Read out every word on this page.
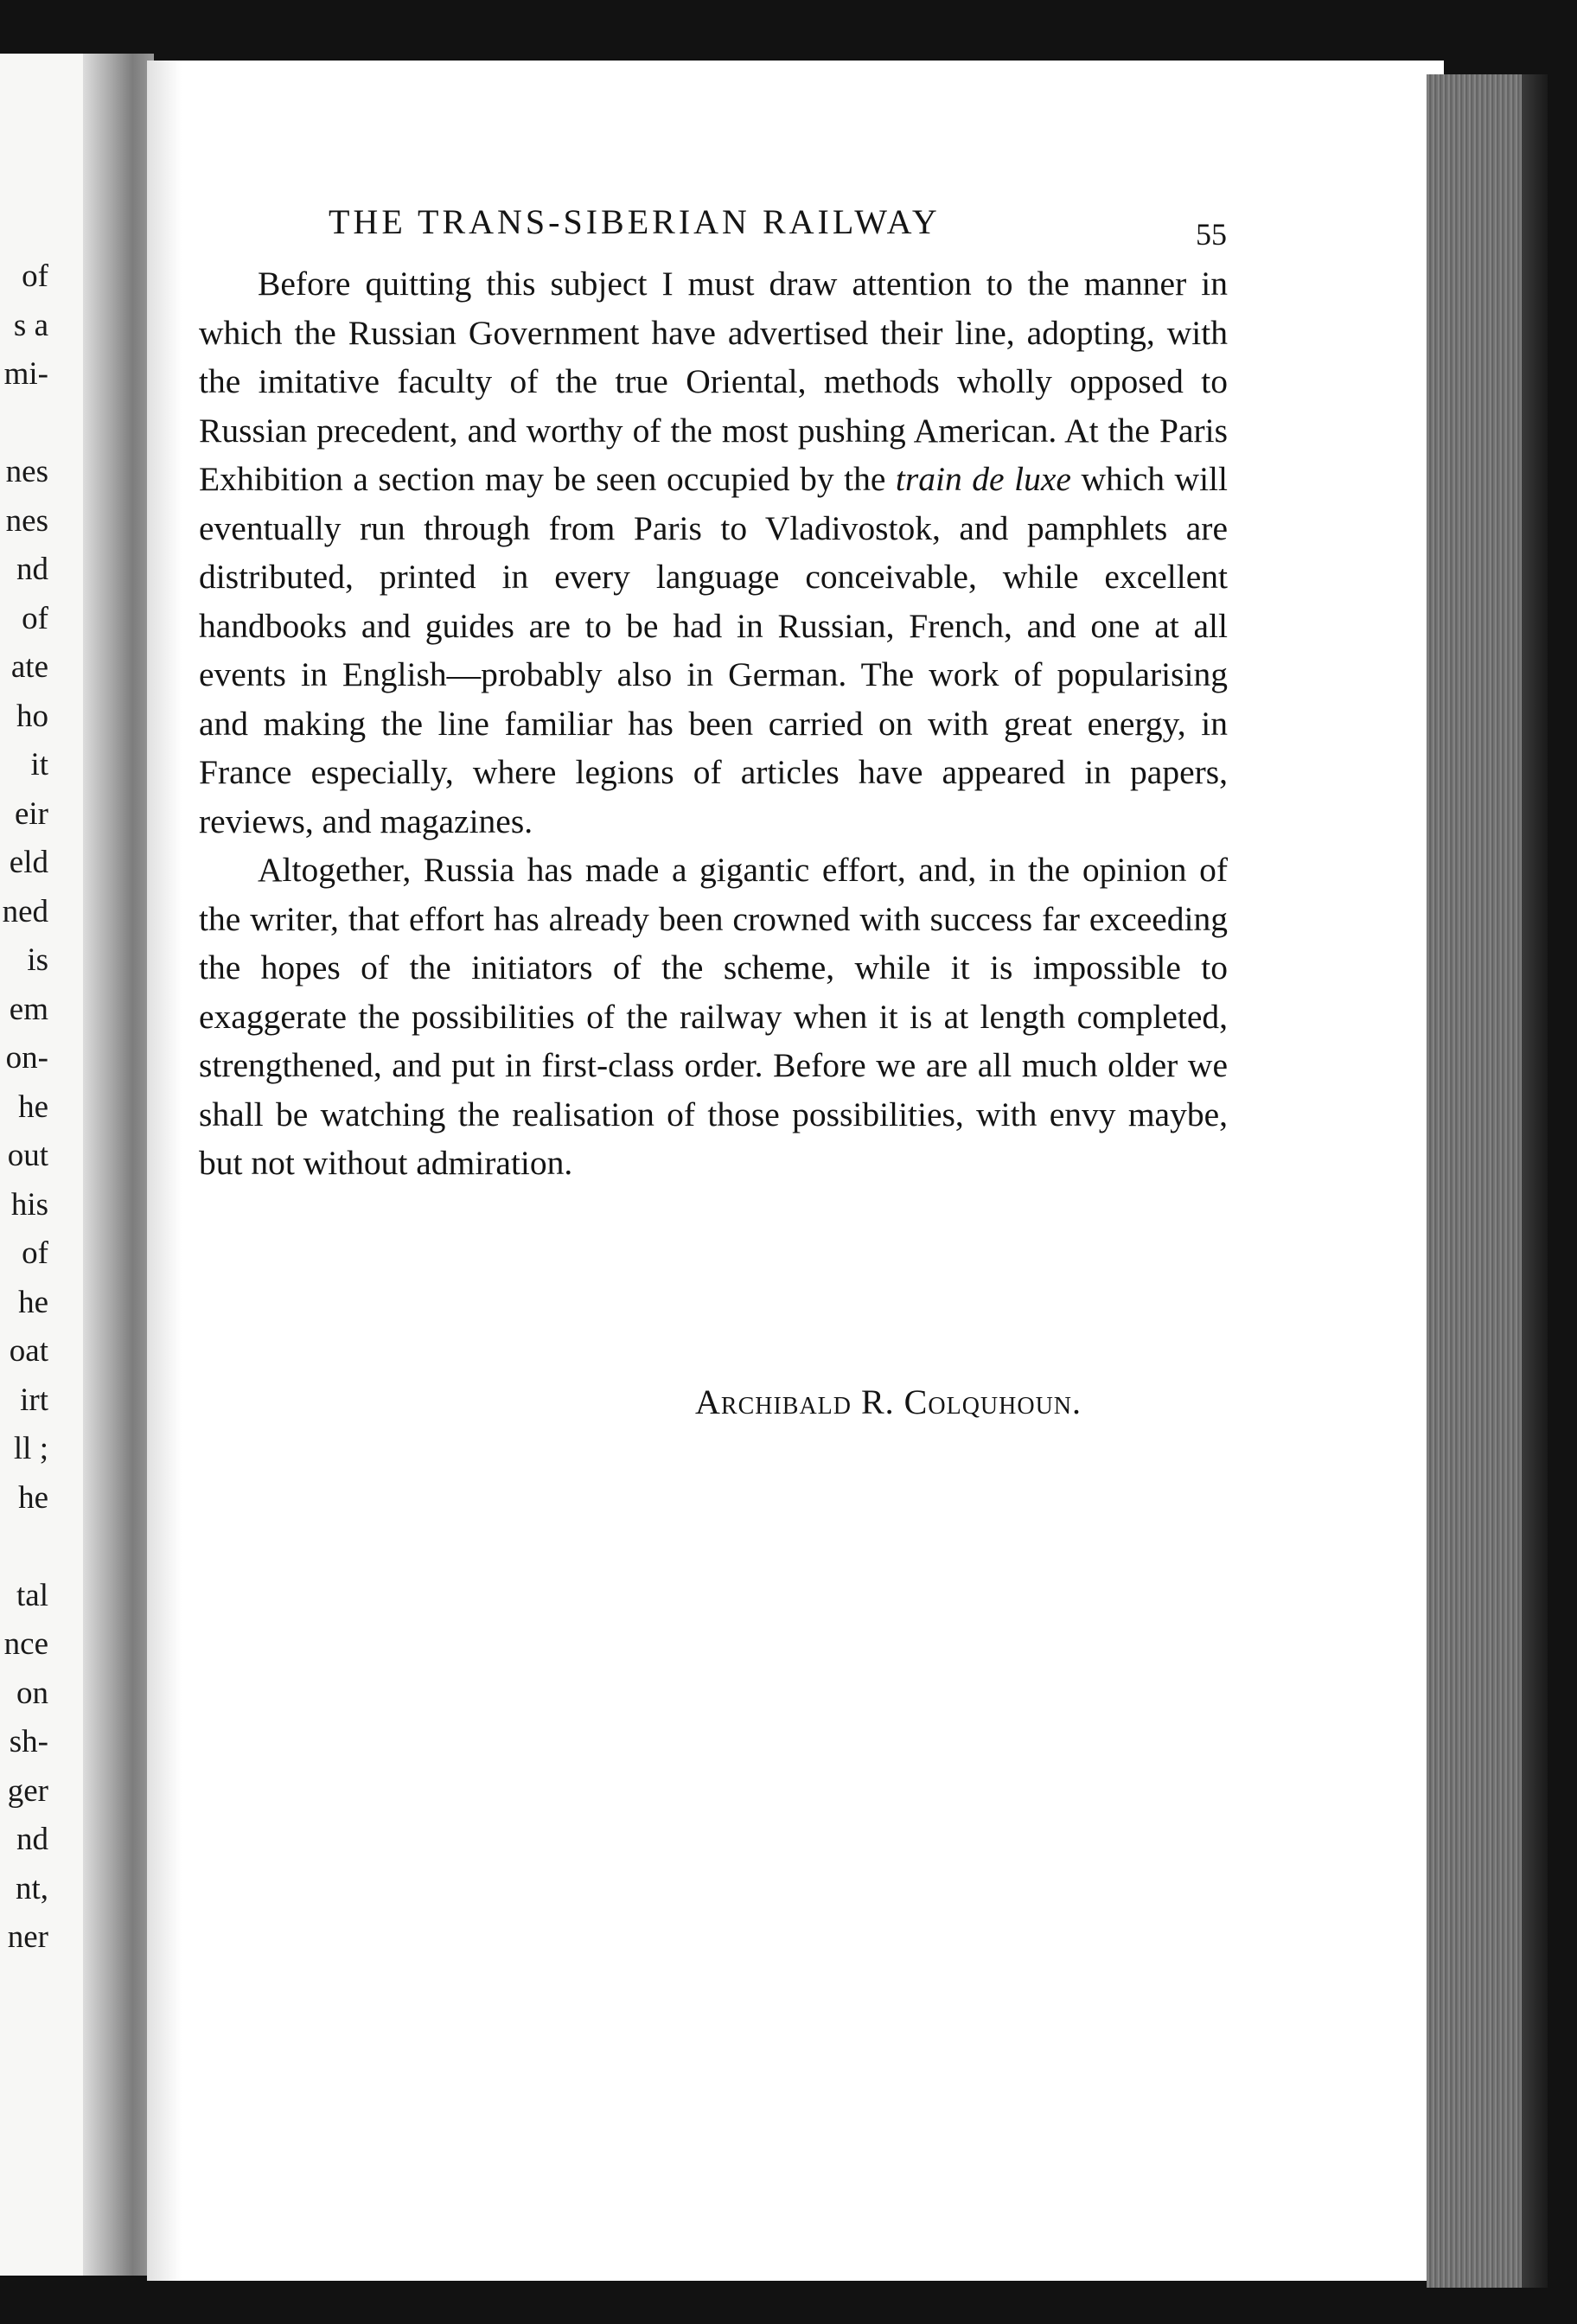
of
s a
mi-
nes
nes
nd
of
ate
ho
it
eir
eld
ned
is
em
on-
he
out
his
of
he
oat
irt
ll ;
he
tal
nce
on
sh-
ger
nd
nt,
ner
THE TRANS-SIBERIAN RAILWAY	55

Before quitting this subject I must draw attention to the manner in which the Russian Government have advertised their line, adopting, with the imitative faculty of the true Oriental, methods wholly opposed to Russian precedent, and worthy of the most pushing American. At the Paris Exhibition a section may be seen occupied by the train de luxe which will eventually run through from Paris to Vladivostok, and pamphlets are distributed, printed in every language conceivable, while excellent handbooks and guides are to be had in Russian, French, and one at all events in English—probably also in German. The work of popularising and making the line familiar has been carried on with great energy, in France especially, where legions of articles have appeared in papers, reviews, and magazines.

Altogether, Russia has made a gigantic effort, and, in the opinion of the writer, that effort has already been crowned with success far exceeding the hopes of the initiators of the scheme, while it is impossible to exaggerate the possibilities of the railway when it is at length completed, strengthened, and put in first-class order. Before we are all much older we shall be watching the realisation of those possibilities, with envy maybe, but not without admiration.

Archibald R. Colquhoun.
